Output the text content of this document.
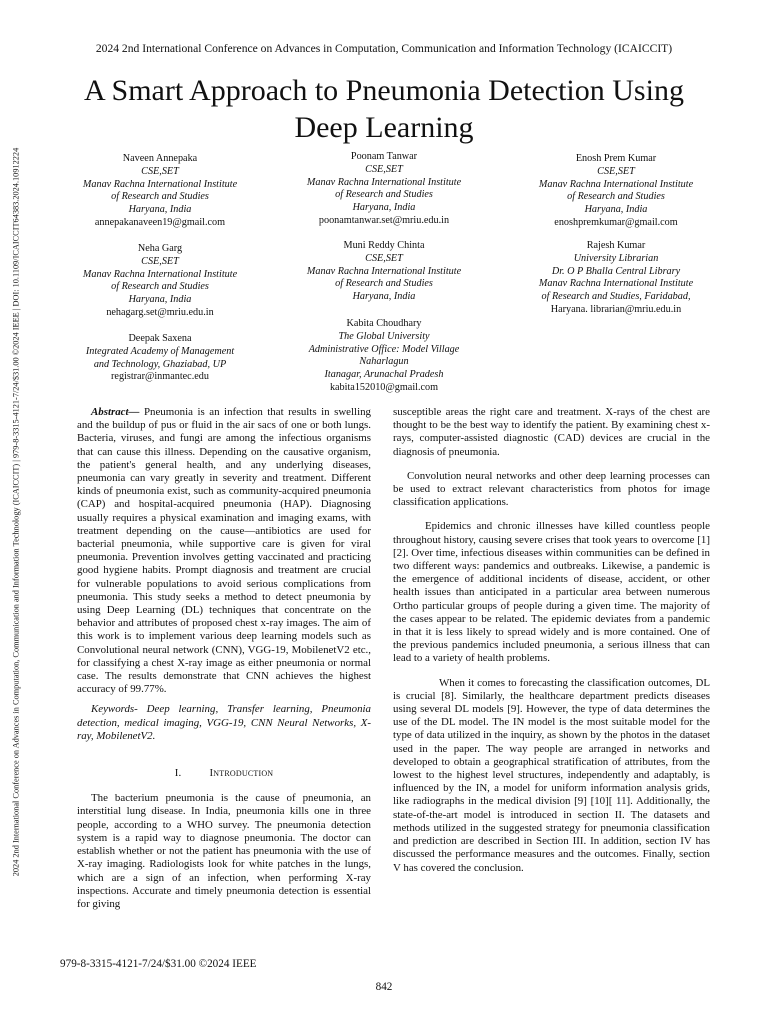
2024 2nd International Conference on Advances in Computation, Communication and Information Technology (ICAICCIT)
2024 2nd International Conference on Advances in Computation, Communication and Information Technology (ICAICCIT) | 979-8-3315-4121-7/24/$31.00 ©2024 IEEE | DOI: 10.1109/ICAICCIT64383.2024.10912224
A Smart Approach to Pneumonia Detection Using
Deep Learning
Naveen Annepaka
CSE,SET
Manav Rachna International Institute
of Research and Studies
Haryana, India
annepakanaveen19@gmail.com
Poonam Tanwar
CSE,SET
Manav Rachna International Institute
of Research and Studies
Haryana, India
poonamtanwar.set@mriu.edu.in
Enosh Prem Kumar
CSE,SET
Manav Rachna International Institute
of Research and Studies
Haryana, India
enoshpremkumar@gmail.com
Neha Garg
CSE,SET
Manav Rachna International Institute
of Research and Studies
Haryana, India
nehagarg.set@mriu.edu.in
Muni Reddy Chinta
CSE,SET
Manav Rachna International Institute
of Research and Studies
Haryana, India
Rajesh Kumar
University Librarian
Dr. O P Bhalla Central Library
Manav Rachna International Institute
of Research and Studies, Faridabad,
Haryana. librarian@mriu.edu.in
Deepak Saxena
Integrated Academy of Management
and Technology, Ghaziabad, UP
registrar@inmantec.edu
Kabita Choudhary
The Global University
Administrative Office: Model Village
Naharlagun
Itanagar, Arunachal Pradesh
kabita152010@gmail.com

Abstract— Pneumonia is an infection that results in swelling and the buildup of pus or fluid in the air sacs of one or both lungs. Bacteria, viruses, and fungi are among the infectious organisms that can cause this illness. Depending on the causative organism, the patient's general health, and any underlying diseases, pneumonia can vary greatly in severity and treatment. Different kinds of pneumonia exist, such as community-acquired pneumonia (CAP) and hospital-acquired pneumonia (HAP). Diagnosing usually requires a physical examination and imaging exams, with treatment depending on the cause—antibiotics are used for bacterial pneumonia, while supportive care is given for viral pneumonia. Prevention involves getting vaccinated and practicing good hygiene habits. Prompt diagnosis and treatment are crucial for vulnerable populations to avoid serious complications from pneumonia. This study seeks a method to detect pneumonia by using Deep Learning (DL) techniques that concentrate on the behavior and attributes of proposed chest x-ray images. The aim of this work is to implement various deep learning models such as Convolutional neural network (CNN), VGG-19, MobilenetV2 etc., for classifying a chest X-ray image as either pneumonia or normal case. The results demonstrate that CNN achieves the highest accuracy of 99.77%.

Keywords- Deep learning, Transfer learning, Pneumonia detection, medical imaging, VGG-19, CNN Neural Networks, X-ray, MobilenetV2.

I.	Introduction

The bacterium pneumonia is the cause of pneumonia, an interstitial lung disease. In India, pneumonia kills one in three people, according to a WHO survey. The pneumonia detection system is a rapid way to diagnose pneumonia. The doctor can establish whether or not the patient has pneumonia with the use of X-ray imaging. Radiologists look for white patches in the lungs, which are a sign of an infection, when performing X-ray inspections. Accurate and timely pneumonia detection is essential for giving

susceptible areas the right care and treatment. X-rays of the chest are thought to be the best way to identify the patient. By examining chest x-rays, computer-assisted diagnostic (CAD) devices are crucial in the diagnosis of pneumonia.

Convolution neural networks and other deep learning processes can be used to extract relevant characteristics from photos for image classification applications.

Epidemics and chronic illnesses have killed countless people throughout history, causing severe crises that took years to overcome [1][2]. Over time, infectious diseases within communities can be defined in two different ways: pandemics and outbreaks. Likewise, a pandemic is the emergence of additional incidents of disease, accident, or other health issues than anticipated in a particular area between numerous Ortho particular groups of people during a given time. The majority of the cases appear to be related. The epidemic deviates from a pandemic in that it is less likely to spread widely and is more contained. One of the previous pandemics included pneumonia, a serious illness that can lead to a variety of health problems.

When it comes to forecasting the classification outcomes, DL is crucial [8]. Similarly, the healthcare department predicts diseases using several DL models [9]. However, the type of data determines the use of the DL model. The IN model is the most suitable model for the type of data utilized in the inquiry, as shown by the photos in the dataset used in the paper. The way people are arranged in networks and developed to obtain a geographical stratification of attributes, from the lowest to the highest level structures, independently and adaptably, is influenced by the IN, a model for uniform information analysis grids, like radiographs in the medical division [9] [10][ 11]. Additionally, the state-of-the-art model is introduced in section II. The datasets and methods utilized in the suggested strategy for pneumonia classification and prediction are described in Section III. In addition, section IV has discussed the performance measures and the outcomes. Finally, section V has covered the conclusion.

979-8-3315-4121-7/24/$31.00 ©2024 IEEE
842
